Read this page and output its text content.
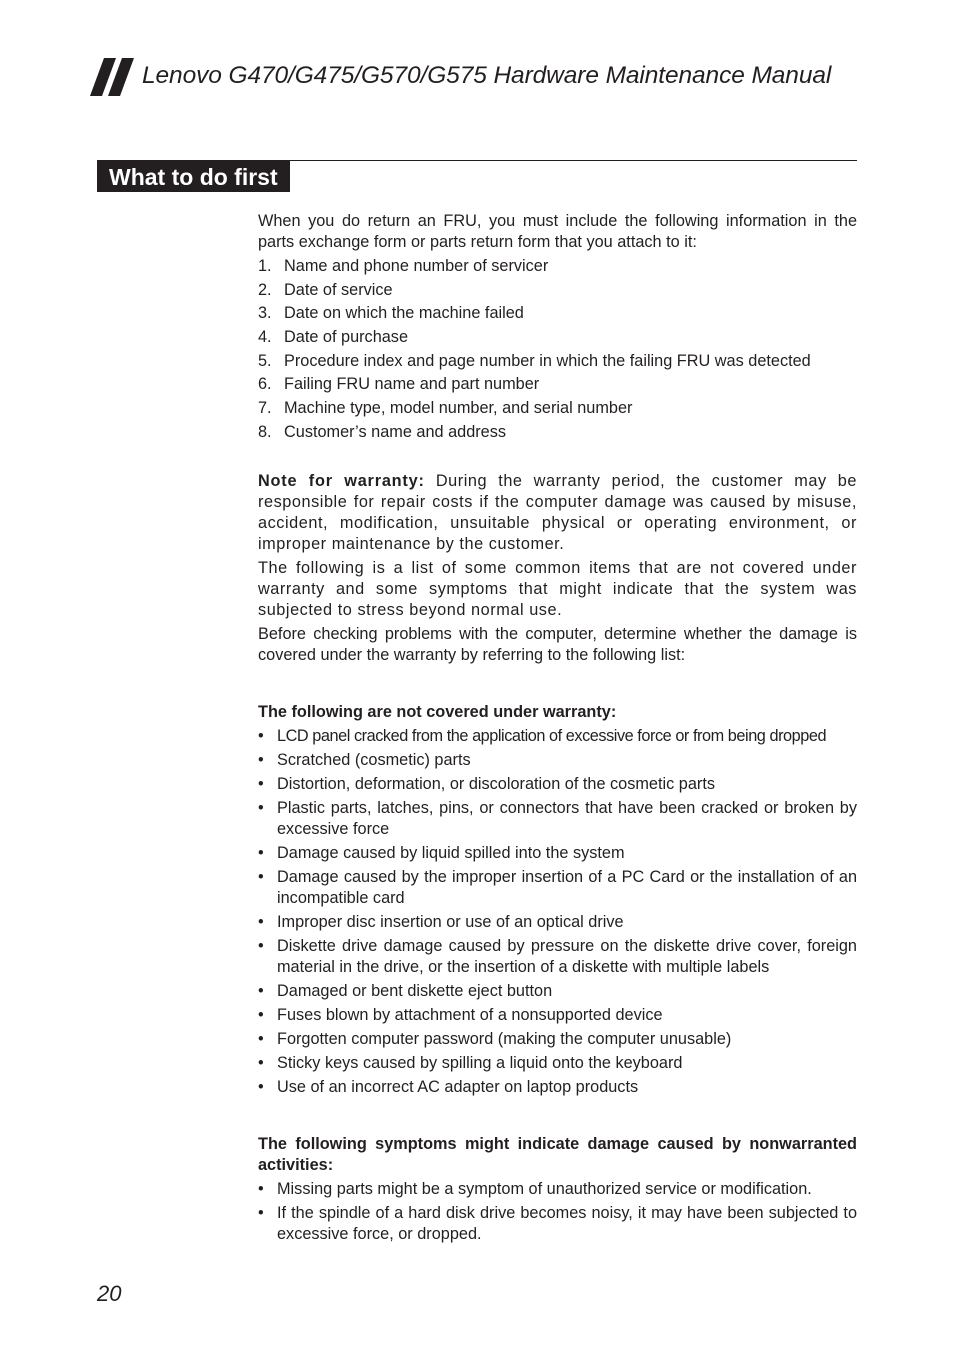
Lenovo G470/G475/G570/G575 Hardware Maintenance Manual
What to do first

When you do return an FRU, you must include the following information in the parts exchange form or parts return form that you attach to it:

1. Name and phone number of servicer
2. Date of service
3. Date on which the machine failed
4. Date of purchase
5. Procedure index and page number in which the failing FRU was detected
6. Failing FRU name and part number
7. Machine type, model number, and serial number
8. Customer’s name and address

Note for warranty: During the warranty period, the customer may be responsible for repair costs if the computer damage was caused by misuse, accident, modification, unsuitable physical or operating environment, or improper maintenance by the customer.

The following is a list of some common items that are not covered under warranty and some symptoms that might indicate that the system was subjected to stress beyond normal use.

Before checking problems with the computer, determine whether the damage is covered under the warranty by referring to the following list:

The following are not covered under warranty:

• LCD panel cracked from the application of excessive force or from being dropped
• Scratched (cosmetic) parts
• Distortion, deformation, or discoloration of the cosmetic parts
• Plastic parts, latches, pins, or connectors that have been cracked or broken by excessive force
• Damage caused by liquid spilled into the system
• Damage caused by the improper insertion of a PC Card or the installation of an incompatible card
• Improper disc insertion or use of an optical drive
• Diskette drive damage caused by pressure on the diskette drive cover, foreign material in the drive, or the insertion of a diskette with multiple labels
• Damaged or bent diskette eject button
• Fuses blown by attachment of a nonsupported device
• Forgotten computer password (making the computer unusable)
• Sticky keys caused by spilling a liquid onto the keyboard
• Use of an incorrect AC adapter on laptop products

The following symptoms might indicate damage caused by nonwarranted activities:

• Missing parts might be a symptom of unauthorized service or modification.
• If the spindle of a hard disk drive becomes noisy, it may have been subjected to excessive force, or dropped.
20
